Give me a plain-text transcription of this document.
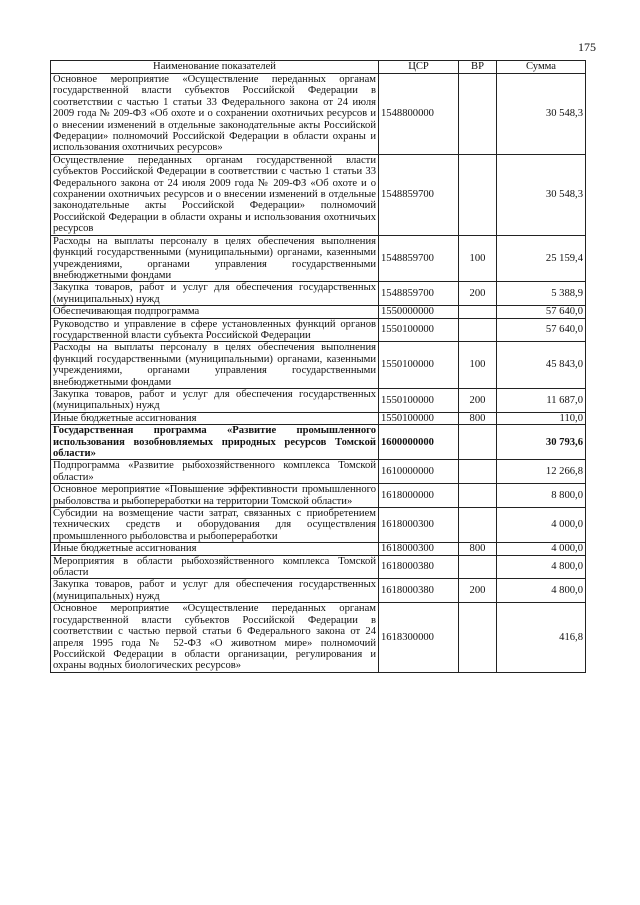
175
Наименование показателей	ЦСР	ВР	Сумма
Основное мероприятие «Осуществление переданных органам государственной власти субъектов Российской Федерации в соответствии с частью 1 статьи 33 Федерального закона от 24 июля 2009 года № 209-ФЗ «Об охоте и о сохранении охотничьих ресурсов и о внесении изменений в отдельные законодательные акты Российской Федерации» полномочий Российской Федерации в области охраны и использования охотничьих ресурсов»	1548800000		30 548,3
Осуществление переданных органам государственной власти субъектов Российской Федерации в соответствии с частью 1 статьи 33 Федерального закона от 24 июля 2009 года № 209-ФЗ «Об охоте и о сохранении охотничьих ресурсов и о внесении изменений в отдельные законодательные акты Российской Федерации» полномочий Российской Федерации в области охраны и использования охотничьих ресурсов	1548859700		30 548,3
Расходы на выплаты персоналу в целях обеспечения выполнения функций государственными (муниципальными) органами, казенными учреждениями, органами управления государственными внебюджетными фондами	1548859700	100	25 159,4
Закупка товаров, работ и услуг для обеспечения государственных (муниципальных) нужд	1548859700	200	5 388,9
Обеспечивающая подпрограмма	1550000000		57 640,0
Руководство и управление в сфере установленных функций органов государственной власти субъекта Российской Федерации	1550100000		57 640,0
Расходы на выплаты персоналу в целях обеспечения выполнения функций государственными (муниципальными) органами, казенными учреждениями, органами управления государственными внебюджетными фондами	1550100000	100	45 843,0
Закупка товаров, работ и услуг для обеспечения государственных (муниципальных) нужд	1550100000	200	11 687,0
Иные бюджетные ассигнования	1550100000	800	110,0
Государственная программа «Развитие промышленного использования возобновляемых природных ресурсов Томской области»	1600000000		30 793,6
Подпрограмма «Развитие рыбохозяйственного комплекса Томской области»	1610000000		12 266,8
Основное мероприятие «Повышение эффективности промышленного рыболовства и рыбопереработки на территории Томской области»	1618000000		8 800,0
Субсидии на возмещение части затрат, связанных с приобретением технических средств и оборудования для осуществления промышленного рыболовства и рыбопереработки	1618000300		4 000,0
Иные бюджетные ассигнования	1618000300	800	4 000,0
Мероприятия в области рыбохозяйственного комплекса Томской области	1618000380		4 800,0
Закупка товаров, работ и услуг для обеспечения государственных (муниципальных) нужд	1618000380	200	4 800,0
Основное мероприятие «Осуществление переданных органам государственной власти субъектов Российской Федерации в соответствии с частью первой статьи 6 Федерального закона от 24 апреля 1995 года № 52-ФЗ «О животном мире» полномочий Российской Федерации в области организации, регулирования и охраны водных биологических ресурсов»	1618300000		416,8
